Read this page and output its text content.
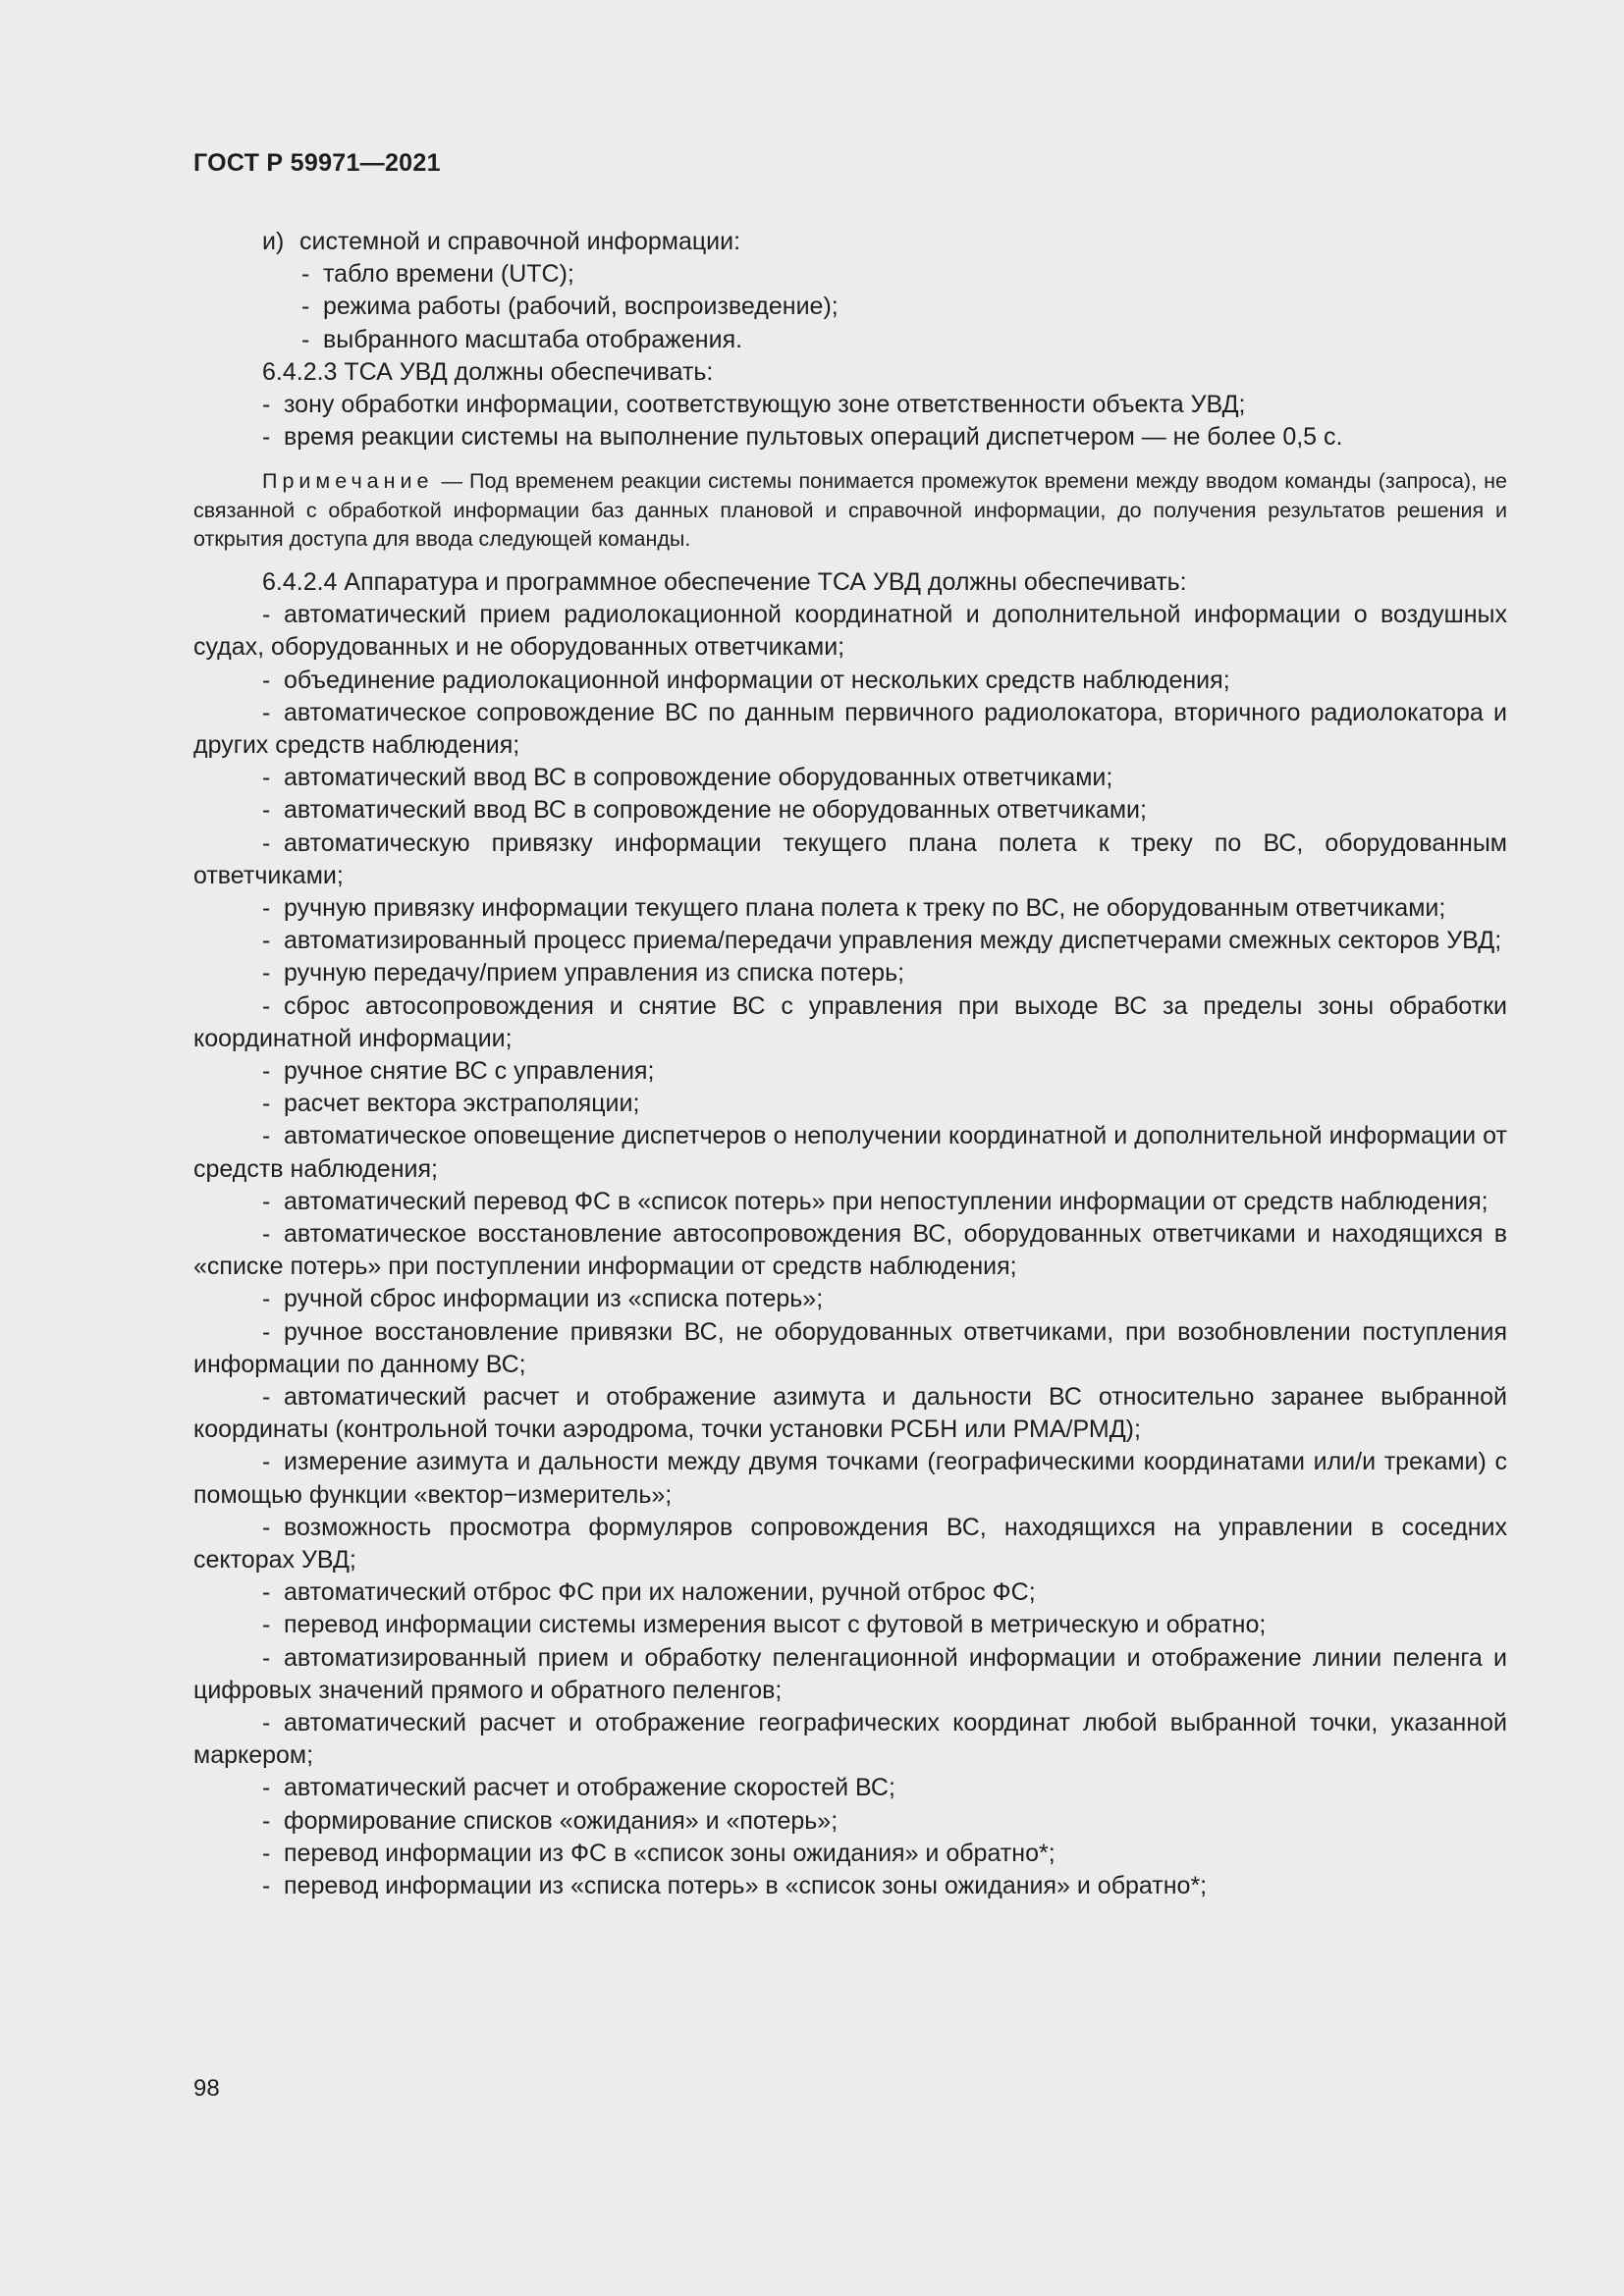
ГОСТ Р 59971—2021
и) системной и справочной информации:
- табло времени (UTC);
- режима работы (рабочий, воспроизведение);
- выбранного масштаба отображения.
6.4.2.3 ТСА УВД должны обеспечивать:
- зону обработки информации, соответствующую зоне ответственности объекта УВД;
- время реакции системы на выполнение пультовых операций диспетчером — не более 0,5 с.
Примечание — Под временем реакции системы понимается промежуток времени между вводом команды (запроса), не связанной с обработкой информации баз данных плановой и справочной информации, до получения результатов решения и открытия доступа для ввода следующей команды.
6.4.2.4 Аппаратура и программное обеспечение ТСА УВД должны обеспечивать:
- автоматический прием радиолокационной координатной и дополнительной информации о воздушных судах, оборудованных и не оборудованных ответчиками;
- объединение радиолокационной информации от нескольких средств наблюдения;
- автоматическое сопровождение ВС по данным первичного радиолокатора, вторичного радиолокатора и других средств наблюдения;
- автоматический ввод ВС в сопровождение оборудованных ответчиками;
- автоматический ввод ВС в сопровождение не оборудованных ответчиками;
- автоматическую привязку информации текущего плана полета к треку по ВС, оборудованным ответчиками;
- ручную привязку информации текущего плана полета к треку по ВС, не оборудованным ответчиками;
- автоматизированный процесс приема/передачи управления между диспетчерами смежных секторов УВД;
- ручную передачу/прием управления из списка потерь;
- сброс автосопровождения и снятие ВС с управления при выходе ВС за пределы зоны обработки координатной информации;
- ручное снятие ВС с управления;
- расчет вектора экстраполяции;
- автоматическое оповещение диспетчеров о неполучении координатной и дополнительной информации от средств наблюдения;
- автоматический перевод ФС в «список потерь» при непоступлении информации от средств наблюдения;
- автоматическое восстановление автосопровождения ВС, оборудованных ответчиками и находящихся в «списке потерь» при поступлении информации от средств наблюдения;
- ручной сброс информации из «списка потерь»;
- ручное восстановление привязки ВС, не оборудованных ответчиками, при возобновлении поступления информации по данному ВС;
- автоматический расчет и отображение азимута и дальности ВС относительно заранее выбранной координаты (контрольной точки аэродрома, точки установки РСБН или РМА/РМД);
- измерение азимута и дальности между двумя точками (географическими координатами или/и треками) с помощью функции «вектор−измеритель»;
- возможность просмотра формуляров сопровождения ВС, находящихся на управлении в соседних секторах УВД;
- автоматический отброс ФС при их наложении, ручной отброс ФС;
- перевод информации системы измерения высот с футовой в метрическую и обратно;
- автоматизированный прием и обработку пеленгационной информации и отображение линии пеленга и цифровых значений прямого и обратного пеленгов;
- автоматический расчет и отображение географических координат любой выбранной точки, указанной маркером;
- автоматический расчет и отображение скоростей ВС;
- формирование списков «ожидания» и «потерь»;
- перевод информации из ФС в «список зоны ожидания» и обратно*;
- перевод информации из «списка потерь» в «список зоны ожидания» и обратно*;
98
